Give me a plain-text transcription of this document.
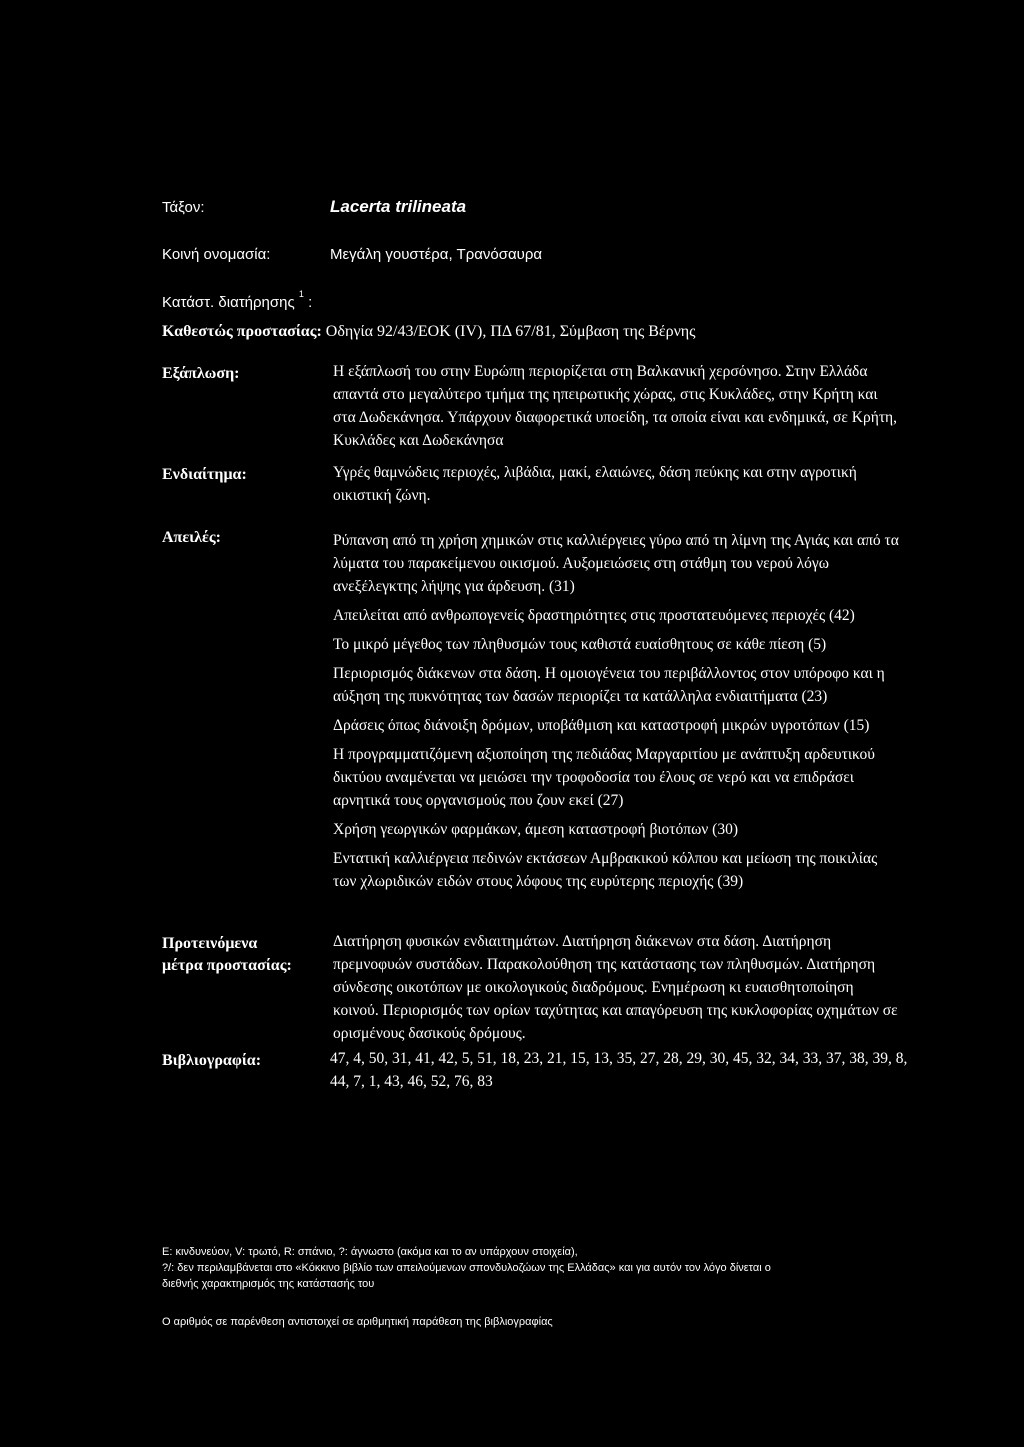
Τάξον:	Lacerta trilineata
Κοινή ονομασία:	Μεγάλη γουστέρα, Τρανόσαυρα
Κατάστ. διατήρησης $^1$ :
Καθεστώς προστασίας: Οδηγία 92/43/ΕΟΚ (IV), ΠΔ 67/81, Σύμβαση της Βέρνης
Εξάπλωση:	Η εξάπλωσή του στην Ευρώπη περιορίζεται στη Βαλκανική χερσόνησο. Στην Ελλάδα απαντά στο μεγαλύτερο τμήμα της ηπειρωτικής χώρας, στις Κυκλάδες, στην Κρήτη και στα Δωδεκάνησα. Υπάρχουν διαφορετικά υποείδη, τα οποία είναι και ενδημικά, σε Κρήτη, Κυκλάδες και Δωδεκάνησα
Ενδιαίτημα:	Υγρές θαμνώδεις περιοχές, λιβάδια, μακί, ελαιώνες, δάση πεύκης και στην αγροτική οικιστική ζώνη.
Απειλές:	Ρύπανση από τη χρήση χημικών στις καλλιέργειες γύρω από τη λίμνη της Αγιάς και από τα λύματα του παρακείμενου οικισμού. Αυξομειώσεις στη στάθμη του νερού λόγω ανεξέλεγκτης λήψης για άρδευση. (31)

Απειλείται από ανθρωπογενείς δραστηριότητες στις προστατευόμενες περιοχές (42)

Το μικρό μέγεθος των πληθυσμών τους καθιστά ευαίσθητους σε κάθε πίεση (5)

Περιορισμός διάκενων στα δάση. Η ομοιογένεια του περιβάλλοντος στον υπόροφο και η αύξηση της πυκνότητας των δασών περιορίζει τα κατάλληλα ενδιαιτήματα (23)

Δράσεις όπως διάνοιξη δρόμων, υποβάθμιση και καταστροφή μικρών υγροτόπων (15)

Η προγραμματιζόμενη αξιοποίηση της πεδιάδας Μαργαριτίου με ανάπτυξη αρδευτικού δικτύου αναμένεται να μειώσει την τροφοδοσία του έλους σε νερό και να επιδράσει αρνητικά τους οργανισμούς που ζουν εκεί (27)

Χρήση γεωργικών φαρμάκων, άμεση καταστροφή βιοτόπων (30)

Εντατική καλλιέργεια πεδινών εκτάσεων Αμβρακικού κόλπου και μείωση της ποικιλίας των χλωριδικών ειδών στους λόφους της ευρύτερης περιοχής (39)

Προτεινόμενα
μέτρα προστασίας:
Διατήρηση φυσικών ενδιαιτημάτων. Διατήρηση διάκενων στα δάση. Διατήρηση πρεμνοφυών συστάδων. Παρακολούθηση της κατάστασης των πληθυσμών. Διατήρηση σύνδεσης οικοτόπων με οικολογικούς διαδρόμους. Ενημέρωση κι ευαισθητοποίηση κοινού. Περιορισμός των ορίων ταχύτητας και απαγόρευση της κυκλοφορίας οχημάτων σε ορισμένους δασικούς δρόμους.
Βιβλιογραφία:	47, 4, 50, 31, 41, 42, 5, 51, 18, 23, 21, 15, 13, 35, 27, 28, 29, 30, 45, 32, 34, 33, 37, 38, 39, 8, 44, 7, 1, 43, 46, 52, 76, 83
E: κινδυνεύον, V: τρωτό, R: σπάνιο, ?: άγνωστο (ακόμα και το αν υπάρχουν στοιχεία),
?/: δεν περιλαμβάνεται στο «Κόκκινο βιβλίο των απειλούμενων σπονδυλοζώων της Ελλάδας» και για αυτόν τον λόγο δίνεται ο διεθνής χαρακτηρισμός της κατάστασής του
Ο αριθμός σε παρένθεση αντιστοιχεί σε αριθμητική παράθεση της βιβλιογραφίας
